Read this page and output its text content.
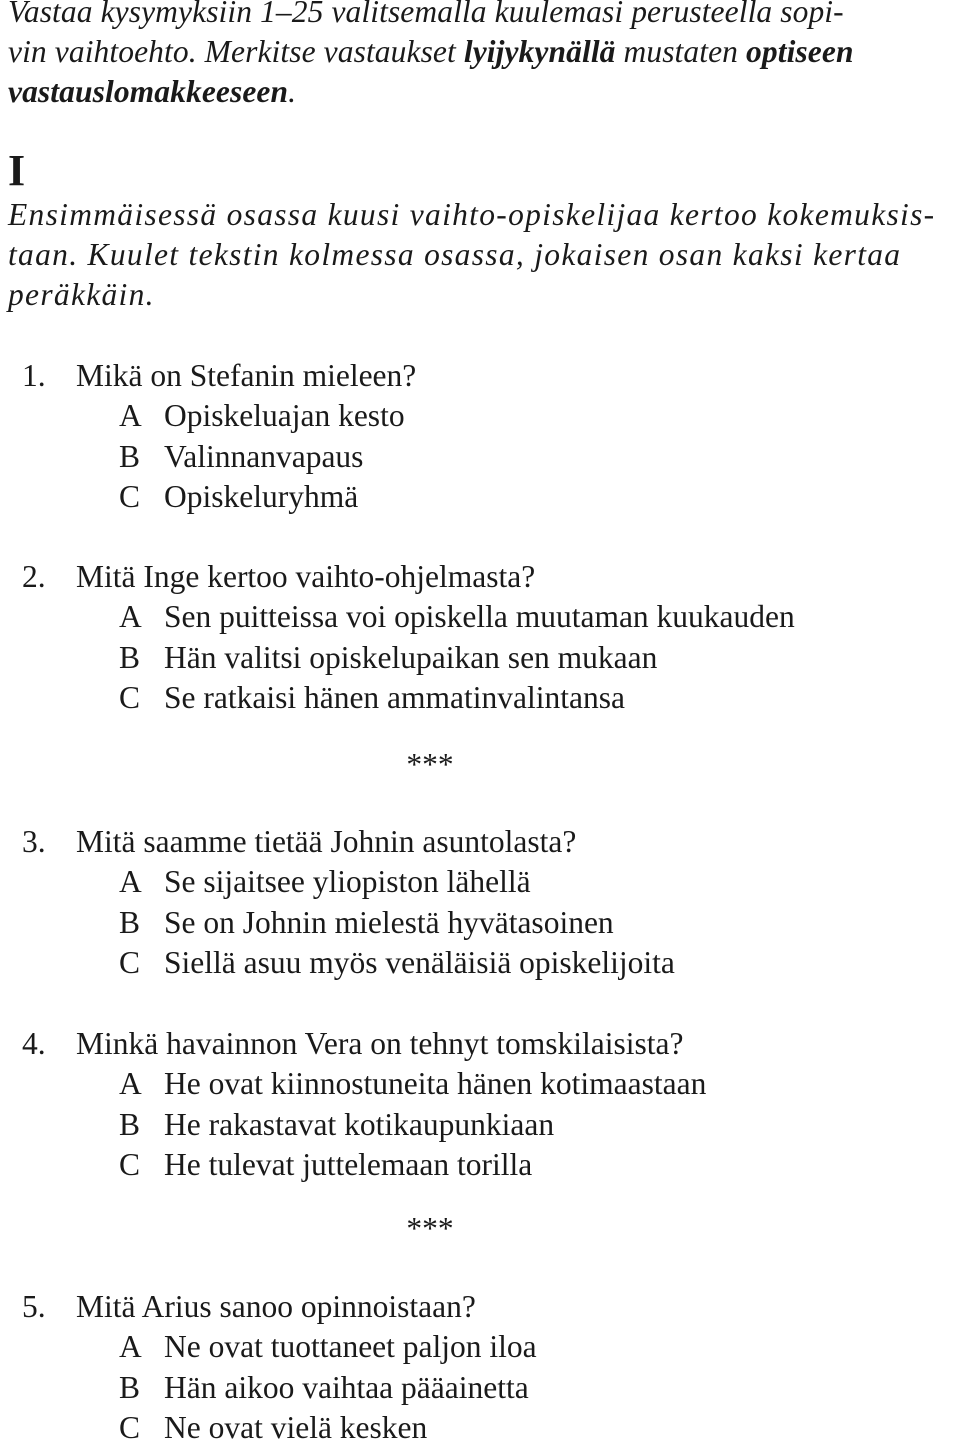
Vastaa kysymyksiin 1–25 valitsemalla kuulemasi perusteella sopi-
vin vaihtoehto. Merkitse vastaukset lyijykynällä mustaten optiseen
vastauslomakkeeseen.

I

Ensimmäisessä osassa kuusi vaihto-opiskelijaa kertoo kokemuksis-
taan. Kuulet tekstin kolmessa osassa, jokaisen osan kaksi kertaa
peräkkäin.

1. Mikä on Stefanin mieleen?
A Opiskeluajan kesto
B Valinnanvapaus
C Opiskeluryhmä
2. Mitä Inge kertoo vaihto-ohjelmasta?
A Sen puitteissa voi opiskella muutaman kuukauden
B Hän valitsi opiskelupaikan sen mukaan
C Se ratkaisi hänen ammatinvalintansa
***
3. Mitä saamme tietää Johnin asuntolasta?
A Se sijaitsee yliopiston lähellä
B Se on Johnin mielestä hyvätasoinen
C Siellä asuu myös venäläisiä opiskelijoita
4. Minkä havainnon Vera on tehnyt tomskilaisista?
A He ovat kiinnostuneita hänen kotimaastaan
B He rakastavat kotikaupunkiaan
C He tulevat juttelemaan torilla
***
5. Mitä Arius sanoo opinnoistaan?
A Ne ovat tuottaneet paljon iloa
B Hän aikoo vaihtaa pääainetta
C Ne ovat vielä kesken
